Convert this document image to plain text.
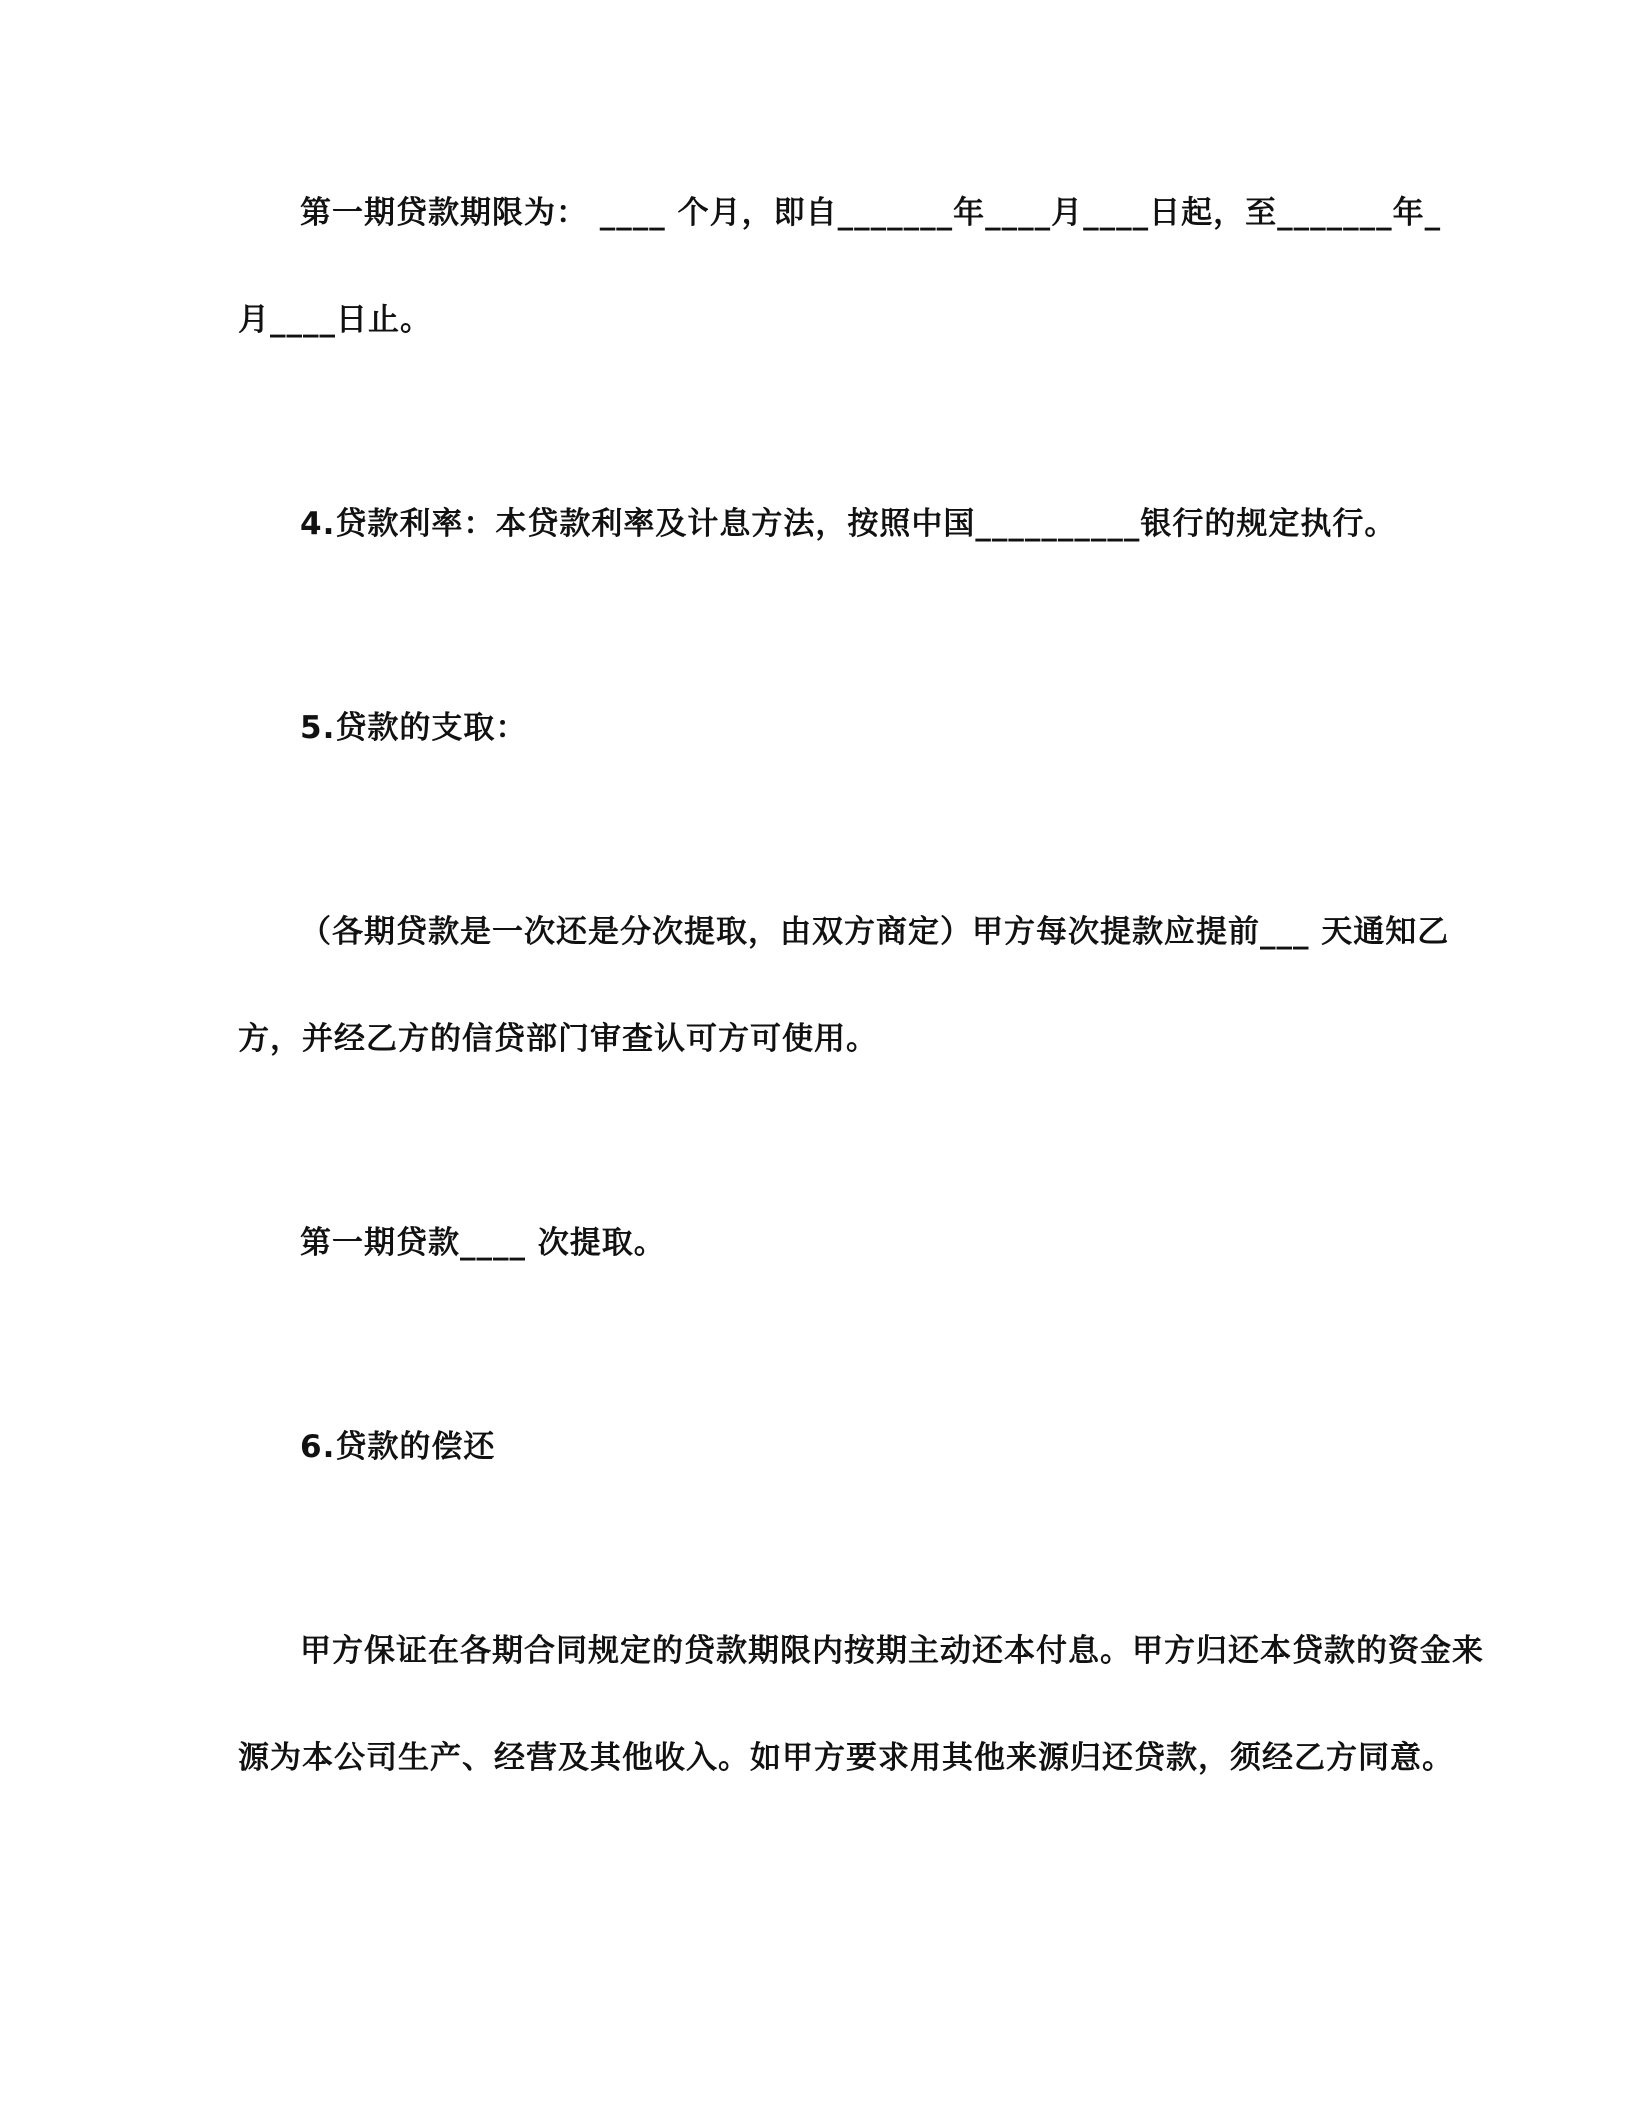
第一期贷款期限为： ____ 个月，即自_______年____月____日起，至_______年_
月____日止。
4.贷款利率：本贷款利率及计息方法，按照中国__________银行的规定执行。
5.贷款的支取：
（各期贷款是一次还是分次提取，由双方商定）甲方每次提款应提前___ 天通知乙
方，并经乙方的信贷部门审查认可方可使用。
第一期贷款____ 次提取。
6.贷款的偿还
甲方保证在各期合同规定的贷款期限内按期主动还本付息。甲方归还本贷款的资金来
源为本公司生产、经营及其他收入。如甲方要求用其他来源归还贷款，须经乙方同意。
